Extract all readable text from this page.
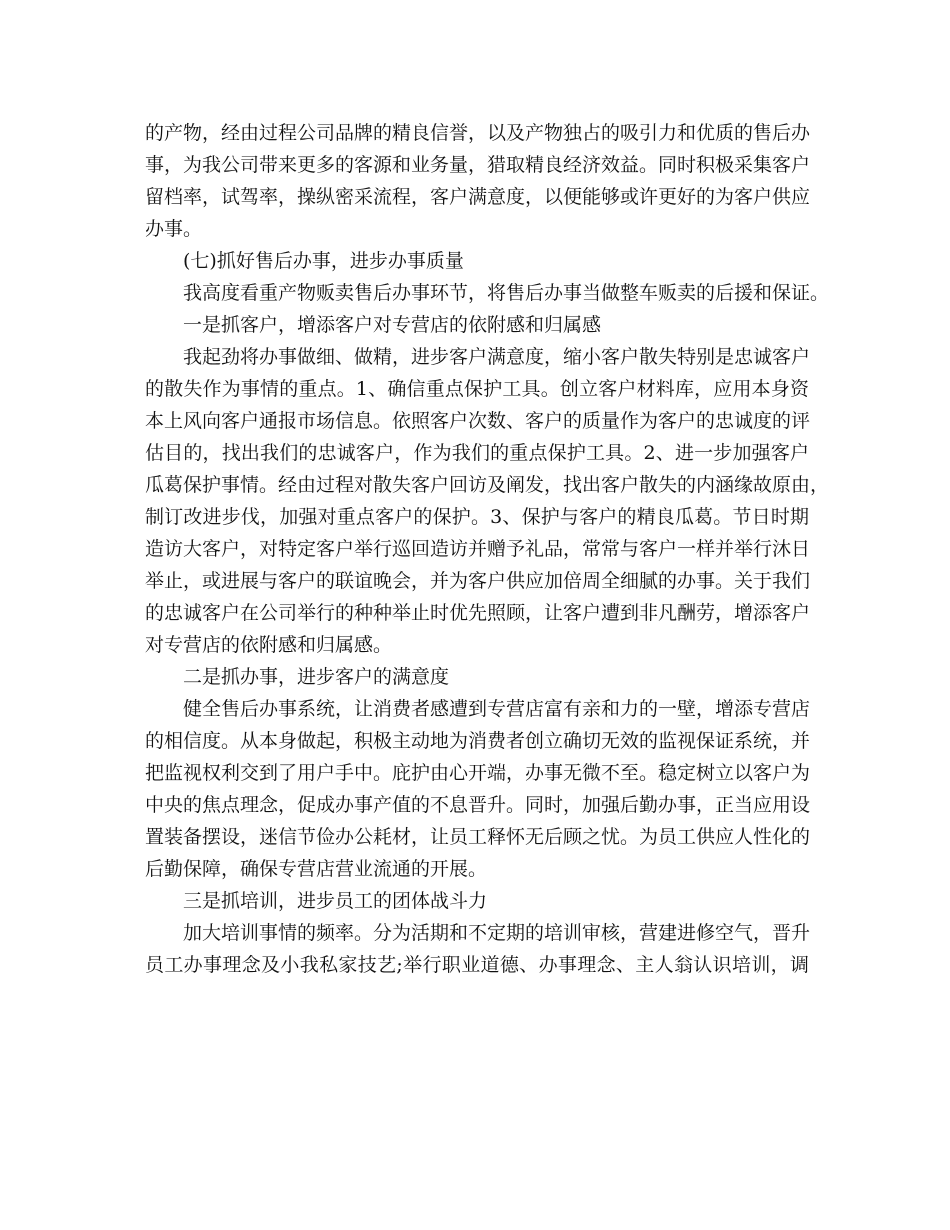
的产物，经由过程公司品牌的精良信誉，以及产物独占的吸引力和优质的售后办
事，为我公司带来更多的客源和业务量，猎取精良经济效益。同时积极采集客户
留档率，试驾率，操纵密采流程，客户满意度，以便能够或许更好的为客户供应
办事。
(七)抓好售后办事，进步办事质量
我高度看重产物贩卖售后办事环节，将售后办事当做整车贩卖的后援和保证。
一是抓客户，增添客户对专营店的依附感和归属感
我起劲将办事做细、做精，进步客户满意度，缩小客户散失特别是忠诚客户
的散失作为事情的重点。1、确信重点保护工具。创立客户材料库，应用本身资
本上风向客户通报市场信息。依照客户次数、客户的质量作为客户的忠诚度的评
估目的，找出我们的忠诚客户，作为我们的重点保护工具。2、进一步加强客户
瓜葛保护事情。经由过程对散失客户回访及阐发，找出客户散失的内涵缘故原由，
制订改进步伐，加强对重点客户的保护。3、保护与客户的精良瓜葛。节日时期
造访大客户，对特定客户举行巡回造访并赠予礼品，常常与客户一样并举行沐日
举止，或进展与客户的联谊晚会，并为客户供应加倍周全细腻的办事。关于我们
的忠诚客户在公司举行的种种举止时优先照顾，让客户遭到非凡酬劳，增添客户
对专营店的依附感和归属感。
二是抓办事，进步客户的满意度
健全售后办事系统，让消费者感遭到专营店富有亲和力的一壁，增添专营店
的相信度。从本身做起，积极主动地为消费者创立确切无效的监视保证系统，并
把监视权利交到了用户手中。庇护由心开端，办事无微不至。稳定树立以客户为
中央的焦点理念，促成办事产值的不息晋升。同时，加强后勤办事，正当应用设
置装备摆设，迷信节俭办公耗材，让员工释怀无后顾之忧。为员工供应人性化的
后勤保障，确保专营店营业流通的开展。
三是抓培训，进步员工的团体战斗力
加大培训事情的频率。分为活期和不定期的培训审核，营建进修空气，晋升
员工办事理念及小我私家技艺;举行职业道德、办事理念、主人翁认识培训，调
